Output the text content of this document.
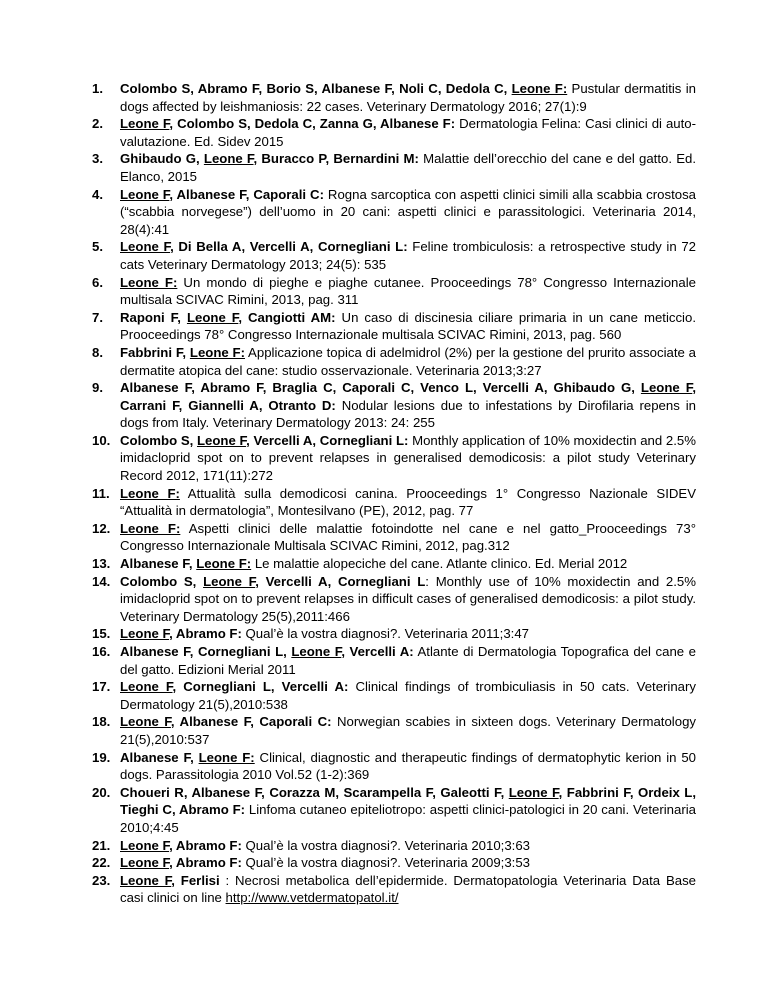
1.	Colombo S, Abramo F, Borio S, Albanese F, Noli C, Dedola C, Leone F: Pustular dermatitis in dogs affected by leishmaniosis: 22 cases. Veterinary Dermatology 2016; 27(1):9
2.	Leone F, Colombo S, Dedola C, Zanna G, Albanese F: Dermatologia Felina: Casi clinici di auto-valutazione. Ed. Sidev 2015
3.	Ghibaudo G, Leone F, Buracco P, Bernardini M: Malattie dell’orecchio del cane e del gatto. Ed. Elanco, 2015
4.	Leone F, Albanese F, Caporali C: Rogna sarcoptica con aspetti clinici simili alla scabbia crostosa (“scabbia norvegese”) dell’uomo in 20 cani: aspetti clinici e parassitologici. Veterinaria 2014, 28(4):41
5.	Leone F, Di Bella A, Vercelli A, Cornegliani L: Feline trombiculosis: a retrospective study in 72 cats Veterinary Dermatology 2013; 24(5): 535
6.	Leone F: Un mondo di pieghe e piaghe cutanee. Prooceedings 78° Congresso Internazionale multisala SCIVAC Rimini, 2013, pag. 311
7.	Raponi F, Leone F, Cangiotti AM: Un caso di discinesia ciliare primaria in un cane meticcio. Prooceedings 78° Congresso Internazionale multisala SCIVAC Rimini, 2013, pag. 560
8.	Fabbrini F, Leone F: Applicazione topica di adelmidrol (2%) per la gestione del prurito associate a dermatite atopica del cane: studio osservazionale. Veterinaria 2013;3:27
9.	Albanese F, Abramo F, Braglia C, Caporali C, Venco L, Vercelli A, Ghibaudo G, Leone F, Carrani F, Giannelli A, Otranto D: Nodular lesions due to infestations by Dirofilaria repens in dogs from Italy. Veterinary Dermatology 2013: 24: 255
10. Colombo S, Leone F, Vercelli A, Cornegliani L: Monthly application of 10% moxidectin and 2.5% imidacloprid spot on to prevent relapses in generalised demodicosis: a pilot study Veterinary Record 2012, 171(11):272
11. Leone F: Attualità sulla demodicosi canina. Prooceedings 1° Congresso Nazionale SIDEV “Attualità in dermatologia”, Montesilvano (PE), 2012, pag. 77
12. Leone F: Aspetti clinici delle malattie fotoindotte nel cane e nel gatto_Prooceedings 73° Congresso Internazionale Multisala SCIVAC Rimini, 2012, pag.312
13. Albanese F, Leone F: Le malattie alopeciche del cane. Atlante clinico. Ed. Merial 2012
14. Colombo S, Leone F, Vercelli A, Cornegliani L: Monthly use of 10% moxidectin and 2.5% imidacloprid spot on to prevent relapses in difficult cases of generalised demodicosis: a pilot study. Veterinary Dermatology 25(5),2011:466
15. Leone F, Abramo F: Qual’è la vostra diagnosi?. Veterinaria 2011;3:47
16. Albanese F, Cornegliani L, Leone F, Vercelli A: Atlante di Dermatologia Topografica del cane e del gatto. Edizioni Merial 2011
17. Leone F, Cornegliani L, Vercelli A: Clinical findings of trombiculiasis in 50 cats. Veterinary Dermatology 21(5),2010:538
18. Leone F, Albanese F, Caporali C: Norwegian scabies in sixteen dogs. Veterinary Dermatology 21(5),2010:537
19. Albanese F, Leone F: Clinical, diagnostic and therapeutic findings of dermatophytic kerion in 50 dogs. Parassitologia 2010 Vol.52 (1-2):369
20. Choueri R, Albanese F, Corazza M, Scarampella F, Galeotti F, Leone F, Fabbrini F, Ordeix L, Tieghi C, Abramo F: Linfoma cutaneo epiteliotropo: aspetti clinici-patologici in 20 cani. Veterinaria 2010;4:45
21. Leone F, Abramo F: Qual’è la vostra diagnosi?. Veterinaria 2010;3:63
22. Leone F, Abramo F: Qual’è la vostra diagnosi?. Veterinaria 2009;3:53
23. Leone F, Ferlisi : Necrosi metabolica dell’epidermide. Dermatopatologia Veterinaria Data Base casi clinici on line http://www.vetdermatopatol.it/
